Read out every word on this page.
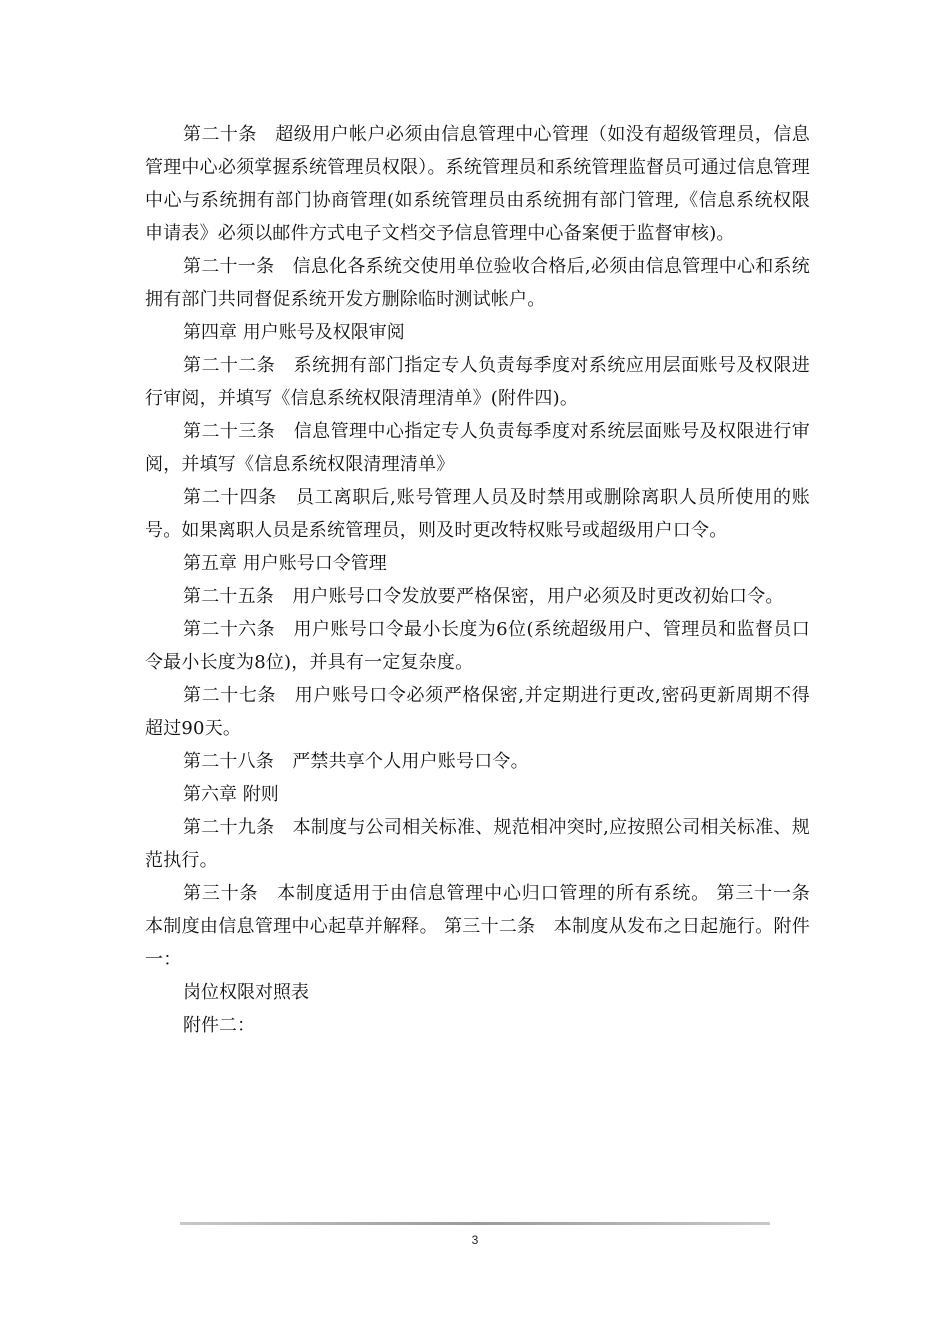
第二十条　超级用户帐户必须由信息管理中心管理（如没有超级管理员，信息管理中心必须掌握系统管理员权限）。系统管理员和系统管理监督员可通过信息管理中心与系统拥有部门协商管理(如系统管理员由系统拥有部门管理,《信息系统权限申请表》必须以邮件方式电子文档交予信息管理中心备案便于监督审核)。

第二十一条　信息化各系统交使用单位验收合格后,必须由信息管理中心和系统拥有部门共同督促系统开发方删除临时测试帐户。

第四章 用户账号及权限审阅

第二十二条　系统拥有部门指定专人负责每季度对系统应用层面账号及权限进行审阅，并填写《信息系统权限清理清单》(附件四)。

第二十三条　信息管理中心指定专人负责每季度对系统层面账号及权限进行审阅，并填写《信息系统权限清理清单》

第二十四条　员工离职后,账号管理人员及时禁用或删除离职人员所使用的账号。如果离职人员是系统管理员，则及时更改特权账号或超级用户口令。

第五章 用户账号口令管理

第二十五条　用户账号口令发放要严格保密，用户必须及时更改初始口令。

第二十六条　用户账号口令最小长度为6位(系统超级用户、管理员和监督员口令最小长度为8位)，并具有一定复杂度。

第二十七条　用户账号口令必须严格保密,并定期进行更改,密码更新周期不得超过90天。

第二十八条　严禁共享个人用户账号口令。

第六章 附则

第二十九条　本制度与公司相关标准、规范相冲突时,应按照公司相关标准、规范执行。

第三十条　本制度适用于由信息管理中心归口管理的所有系统。 第三十一条　本制度由信息管理中心起草并解释。 第三十二条　本制度从发布之日起施行。附件一：

岗位权限对照表

附件二：

3
